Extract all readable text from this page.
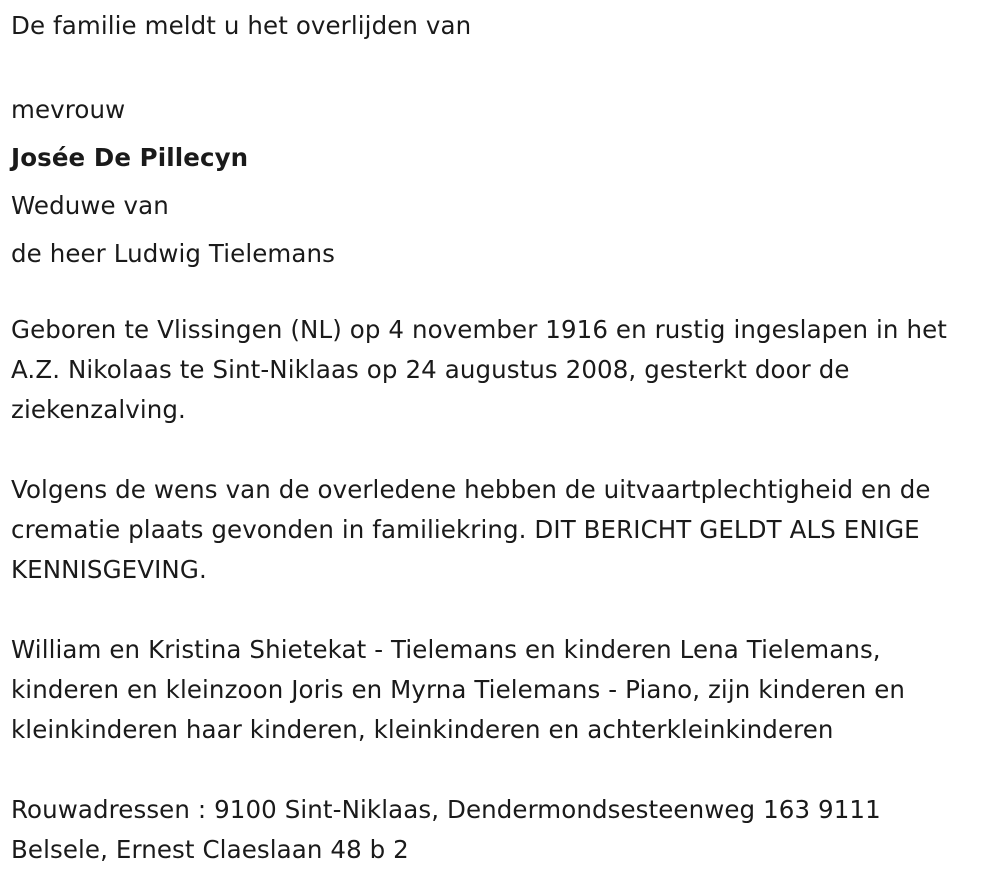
De familie meldt u het overlijden van

mevrouw

Josée De Pillecyn

Weduwe van

de heer Ludwig Tielemans

Geboren te Vlissingen (NL) op 4 november 1916 en rustig ingeslapen in het A.Z. Nikolaas te Sint-Niklaas op 24 augustus 2008, gesterkt door de ziekenzalving.

Volgens de wens van de overledene hebben de uitvaartplechtigheid en de crematie plaats gevonden in familiekring. DIT BERICHT GELDT ALS ENIGE KENNISGEVING.

William en Kristina Shietekat - Tielemans en kinderen Lena Tielemans, kinderen en kleinzoon Joris en Myrna Tielemans - Piano, zijn kinderen en kleinkinderen haar kinderen, kleinkinderen en achterkleinkinderen

Rouwadressen : 9100 Sint-Niklaas, Dendermondsesteenweg 163 9111 Belsele, Ernest Claeslaan 48 b 2
